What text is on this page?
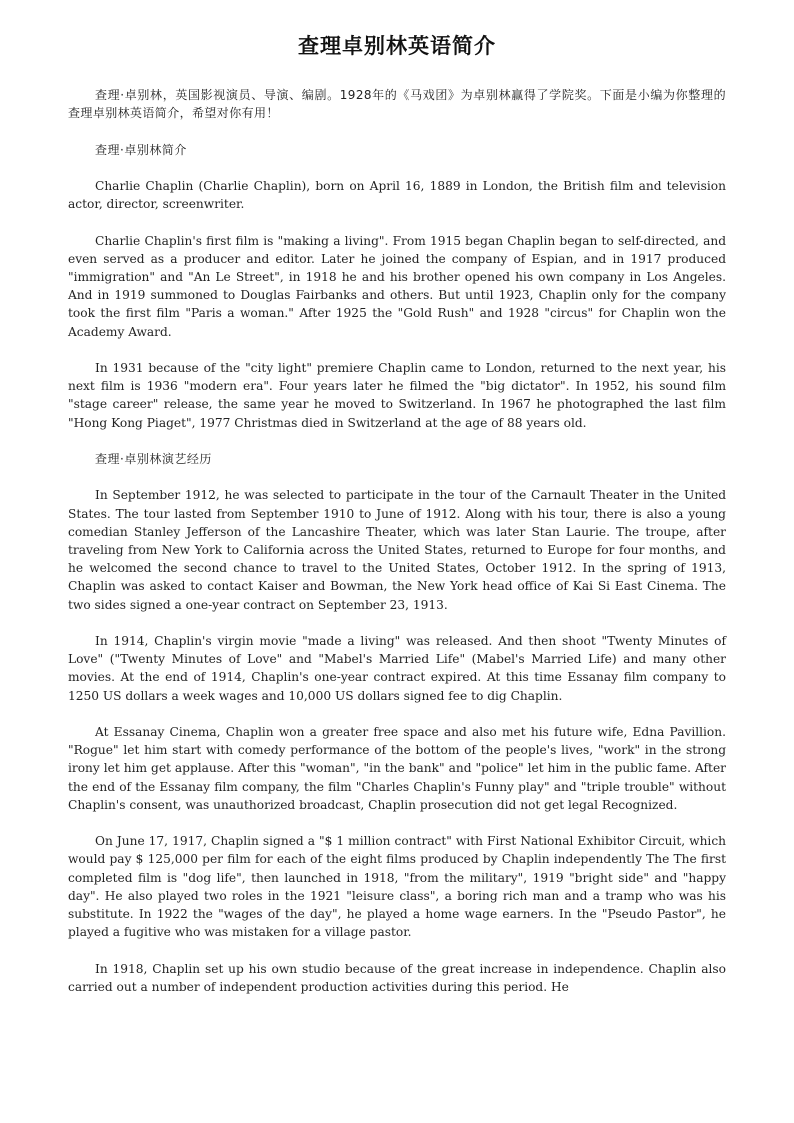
查理卓别林英语简介

查理·卓别林，英国影视演员、导演、编剧。1928年的《马戏团》为卓别林赢得了学院奖。下面是小编为你整理的查理卓别林英语简介，希望对你有用！

查理·卓别林简介

Charlie Chaplin (Charlie Chaplin), born on April 16, 1889 in London, the British film and television actor, director, screenwriter.

Charlie Chaplin's first film is "making a living". From 1915 began Chaplin began to self-directed, and even served as a producer and editor. Later he joined the company of Espian, and in 1917 produced "immigration" and "An Le Street", in 1918 he and his brother opened his own company in Los Angeles. And in 1919 summoned to Douglas Fairbanks and others. But until 1923, Chaplin only for the company took the first film "Paris a woman." After 1925 the "Gold Rush" and 1928 "circus" for Chaplin won the Academy Award.

In 1931 because of the "city light" premiere Chaplin came to London, returned to the next year, his next film is 1936 "modern era". Four years later he filmed the "big dictator". In 1952, his sound film "stage career" release, the same year he moved to Switzerland. In 1967 he photographed the last film "Hong Kong Piaget", 1977 Christmas died in Switzerland at the age of 88 years old.

查理·卓别林演艺经历

In September 1912, he was selected to participate in the tour of the Carnault Theater in the United States. The tour lasted from September 1910 to June of 1912. Along with his tour, there is also a young comedian Stanley Jefferson of the Lancashire Theater, which was later Stan Laurie. The troupe, after traveling from New York to California across the United States, returned to Europe for four months, and he welcomed the second chance to travel to the United States, October 1912. In the spring of 1913, Chaplin was asked to contact Kaiser and Bowman, the New York head office of Kai Si East Cinema. The two sides signed a one-year contract on September 23, 1913.

In 1914, Chaplin's virgin movie "made a living" was released. And then shoot "Twenty Minutes of Love" ("Twenty Minutes of Love" and "Mabel's Married Life" (Mabel's Married Life) and many other movies. At the end of 1914, Chaplin's one-year contract expired. At this time Essanay film company to 1250 US dollars a week wages and 10,000 US dollars signed fee to dig Chaplin.

At Essanay Cinema, Chaplin won a greater free space and also met his future wife, Edna Pavillion. "Rogue" let him start with comedy performance of the bottom of the people's lives, "work" in the strong irony let him get applause. After this "woman", "in the bank" and "police" let him in the public fame. After the end of the Essanay film company, the film "Charles Chaplin's Funny play" and "triple trouble" without Chaplin's consent, was unauthorized broadcast, Chaplin prosecution did not get legal Recognized.

On June 17, 1917, Chaplin signed a "$ 1 million contract" with First National Exhibitor Circuit, which would pay $ 125,000 per film for each of the eight films produced by Chaplin independently The The first completed film is "dog life", then launched in 1918, "from the military", 1919 "bright side" and "happy day". He also played two roles in the 1921 "leisure class", a boring rich man and a tramp who was his substitute. In 1922 the "wages of the day", he played a home wage earners. In the "Pseudo Pastor", he played a fugitive who was mistaken for a village pastor.

In 1918, Chaplin set up his own studio because of the great increase in independence. Chaplin also carried out a number of independent production activities during this period. He
